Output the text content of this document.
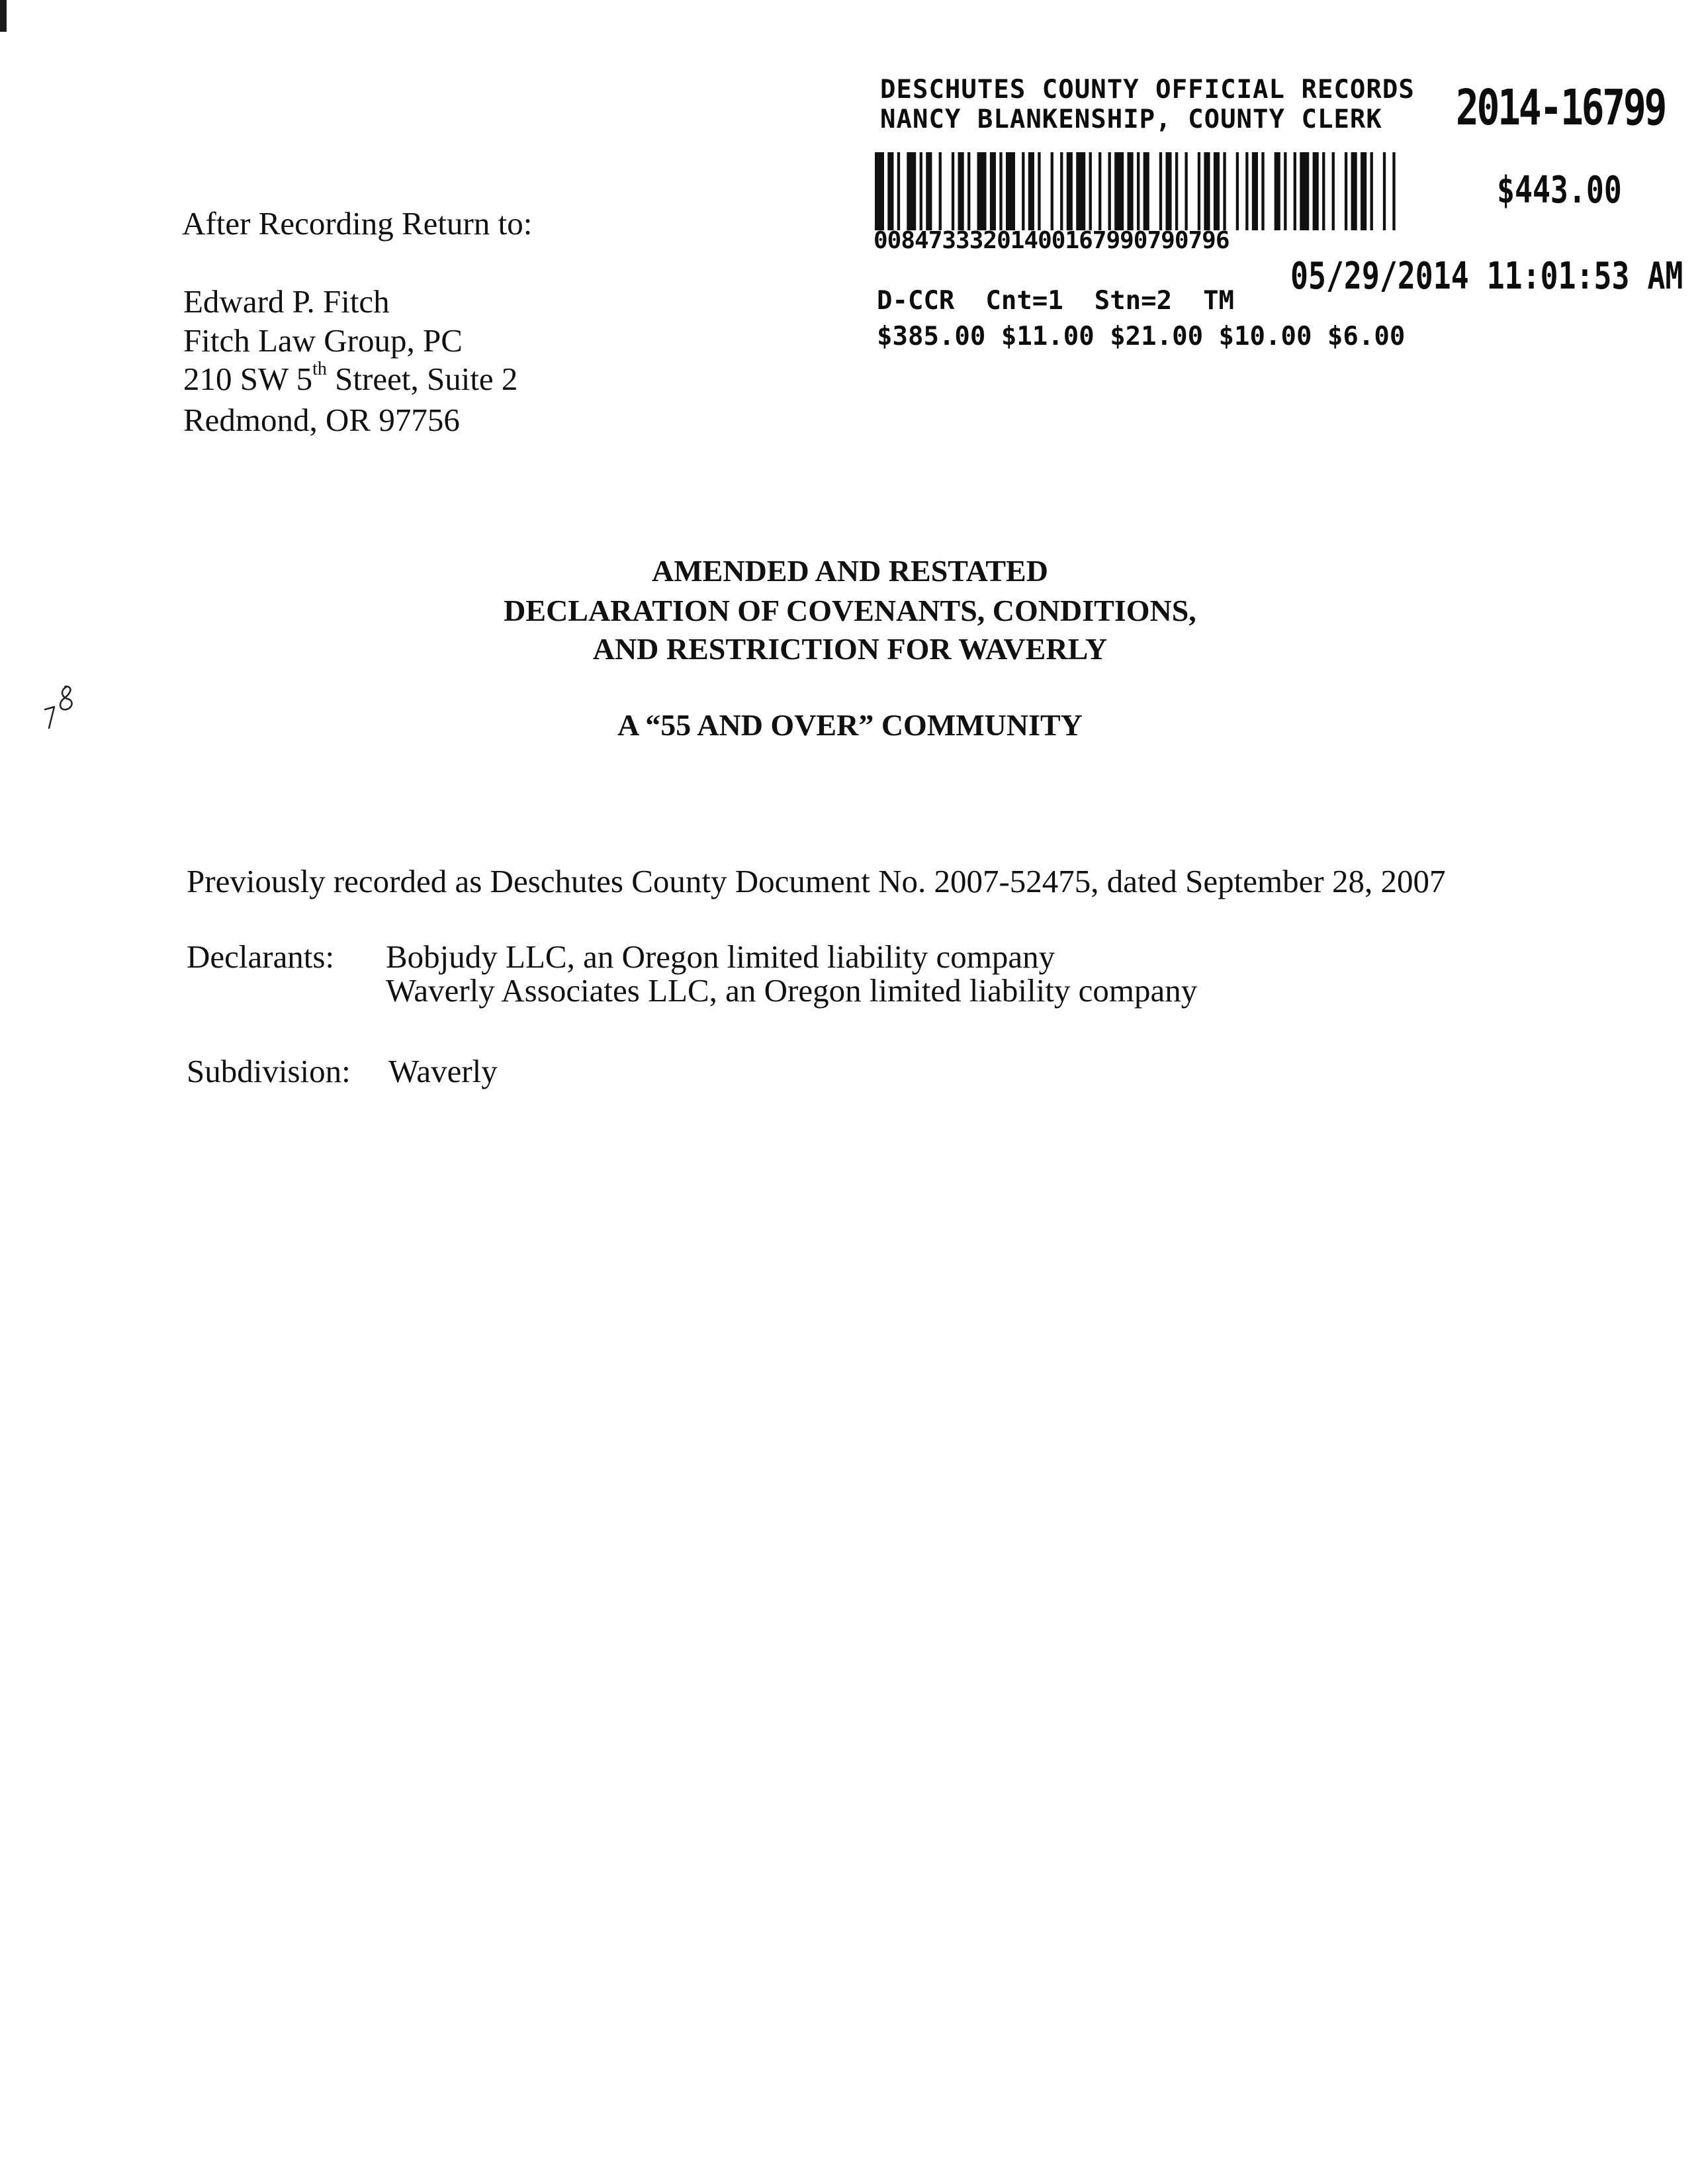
DESCHUTES COUNTY OFFICIAL RECORDS
NANCY BLANKENSHIP, COUNTY CLERK 2014-16799
$443.00
00847333201400167990790796
05/29/2014 11:01:53 AM
D-CCR  Cnt=1  Stn=2  TM
$385.00 $11.00 $21.00 $10.00 $6.00
After Recording Return to:
Edward P. Fitch
Fitch Law Group, PC
210 SW 5th Street, Suite 2
Redmond, OR 97756
AMENDED AND RESTATED
DECLARATION OF COVENANTS, CONDITIONS,
AND RESTRICTION FOR WAVERLY
A “55 AND OVER” COMMUNITY
Previously recorded as Deschutes County Document No. 2007-52475, dated September 28, 2007
Declarants: Bobjudy LLC, an Oregon limited liability company
Waverly Associates LLC, an Oregon limited liability company
Subdivision: Waverly
